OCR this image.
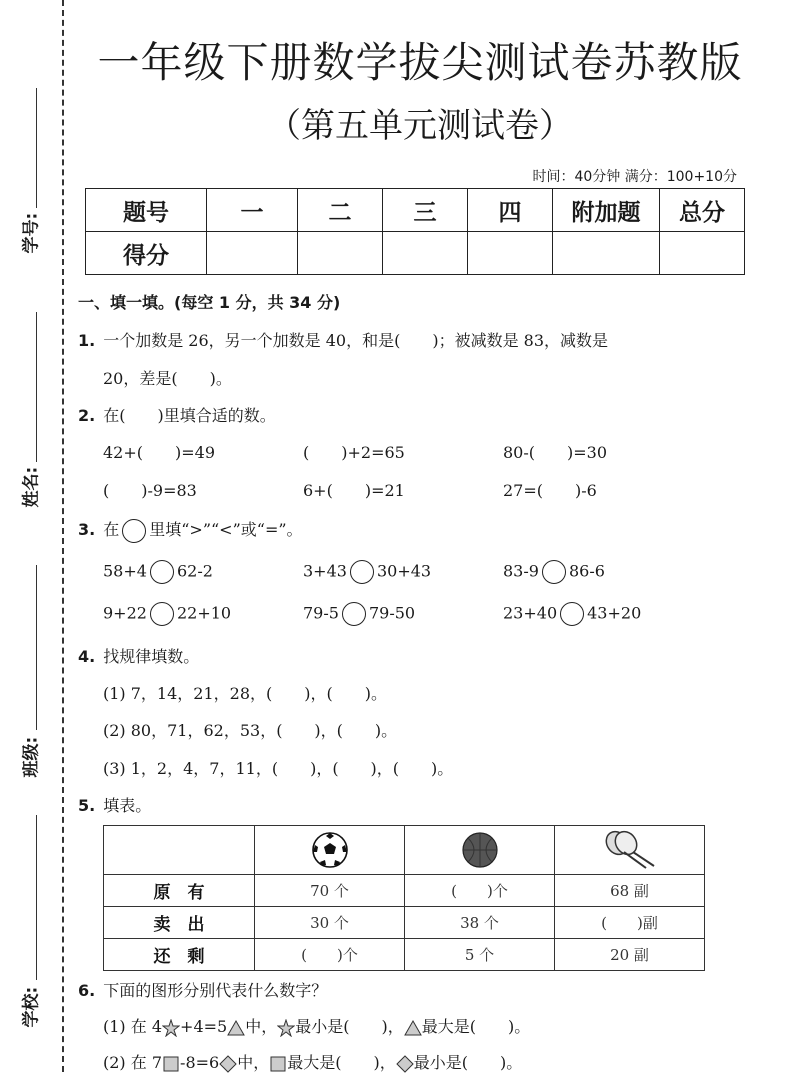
学号:
姓名:
班级:
学校:
一年级下册数学拔尖测试卷苏教版
（第五单元测试卷）
时间：40分钟 满分：100+10分
题号	一	二	三	四	附加题	总分
得分						
一、填一填。(每空 1 分，共 34 分)
1. 一个加数是 26，另一个加数是 40，和是(　　)；被减数是 83，减数是
20，差是(　　)。
2. 在(　　)里填合适的数。
42+(　　)=49	(　　)+2=65	80-(　　)=30
(　　)-9=83	6+(　　)=21	27=(　　)-6
3. 在 里填“>”“<”或“=”。
58+4 62-2	3+43 30+43	83-9 86-6
9+22 22+10	79-5 79-50	23+40 43+20
4. 找规律填数。
(1) 7，14，21，28，(　　)，(　　)。
(2) 80，71，62，53，(　　)，(　　)。
(3) 1，2，4，7，11，(　　)，(　　)，(　　)。
5. 填表。

原　有	70 个	(　　)个	68 副
卖　出	30 个	38 个	(　　)副
还　剩	(　　)个	5 个	20 副
6. 下面的图形分别代表什么数字？
(1) 在 4 +4=5 中， 最小是(　　)， 最大是(　　)。
(2) 在 7 -8=6 中， 最大是(　　)， 最小是(　　)。
